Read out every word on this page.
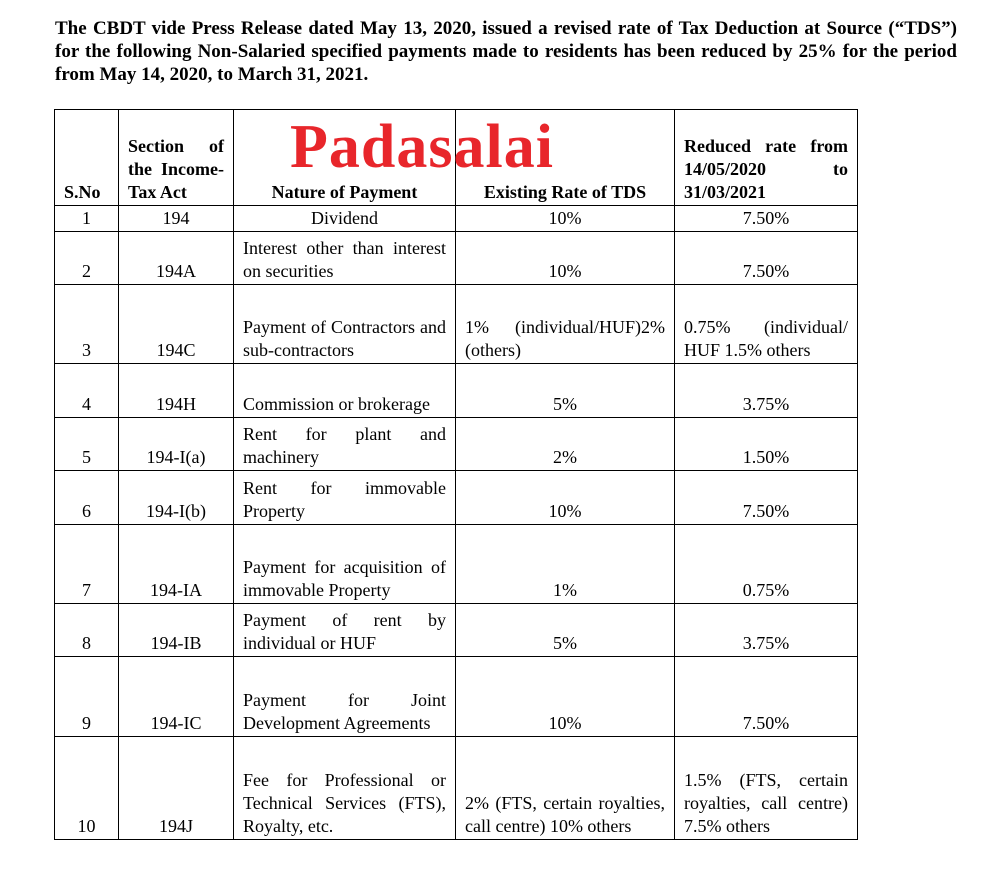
The CBDT vide Press Release dated May 13, 2020, issued a revised rate of Tax Deduction at Source (“TDS”) for the following Non-Salaried specified payments made to residents has been reduced by 25% for the period from May 14, 2020, to March 31, 2021.

S.No	Section of the Income-Tax Act	Nature of Payment	Existing Rate of TDS	Reduced rate from 14/05/2020 to 31/03/2021
1	194	Dividend	10%	7.50%
2	194A	Interest other than interest on securities	10%	7.50%
3	194C	Payment of Contractors and sub-contractors	1% (individual/HUF)2% (others)	0.75% (individual/ HUF 1.5% others
4	194H	Commission or brokerage	5%	3.75%
5	194-I(a)	Rent for plant and machinery	2%	1.50%
6	194-I(b)	Rent for immovable Property	10%	7.50%
7	194-IA	Payment for acquisition of immovable Property	1%	0.75%
8	194-IB	Payment of rent by individual or HUF	5%	3.75%
9	194-IC	Payment for Joint Development Agreements	10%	7.50%
10	194J	Fee for Professional or Technical Services (FTS), Royalty, etc.	2% (FTS, certain royalties, call centre) 10% others	1.5% (FTS, certain royalties, call centre) 7.5% others
Padasalai
